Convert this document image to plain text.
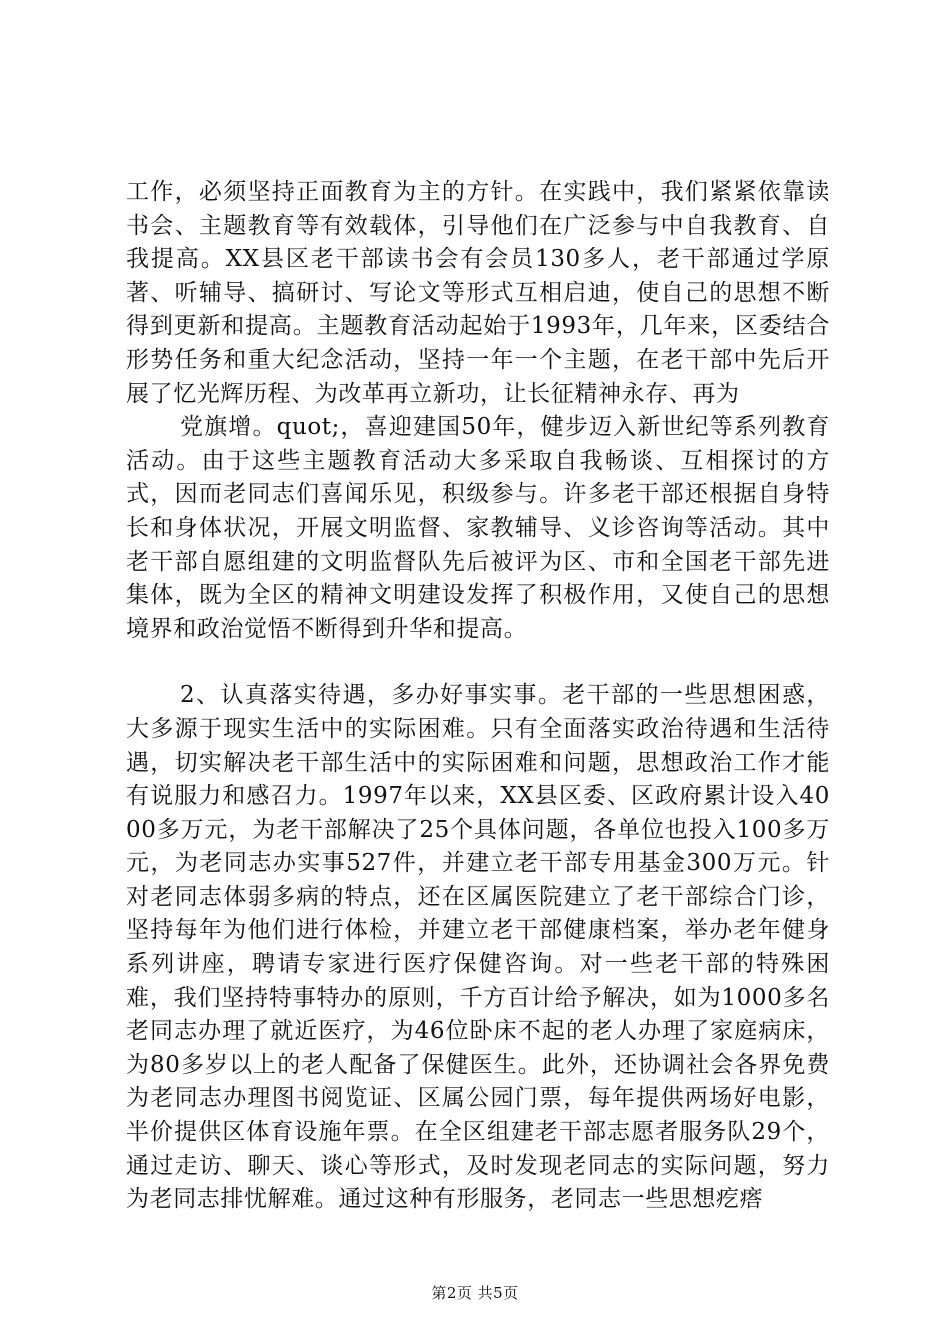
工作，必须坚持正面教育为主的方针。在实践中，我们紧紧依靠读书会、主题教育等有效载体，引导他们在广泛参与中自我教育、自我提高。XX县区老干部读书会有会员130多人，老干部通过学原著、听辅导、搞研讨、写论文等形式互相启迪，使自己的思想不断得到更新和提高。主题教育活动起始于1993年，几年来，区委结合形势任务和重大纪念活动，坚持一年一个主题，在老干部中先后开展了忆光辉历程、为改革再立新功，让长征精神永存、再为

党旗增。quot;，喜迎建国50年，健步迈入新世纪等系列教育活动。由于这些主题教育活动大多采取自我畅谈、互相探讨的方式，因而老同志们喜闻乐见，积级参与。许多老干部还根据自身特长和身体状况，开展文明监督、家教辅导、义诊咨询等活动。其中老干部自愿组建的文明监督队先后被评为区、市和全国老干部先进集体，既为全区的精神文明建设发挥了积极作用，又使自己的思想境界和政治觉悟不断得到升华和提高。

2、认真落实待遇，多办好事实事。老干部的一些思想困惑，大多源于现实生活中的实际困难。只有全面落实政治待遇和生活待遇，切实解决老干部生活中的实际困难和问题，思想政治工作才能有说服力和感召力。1997年以来，XX县区委、区政府累计设入4000多万元，为老干部解决了25个具体问题，各单位也投入100多万元，为老同志办实事527件，并建立老干部专用基金300万元。针对老同志体弱多病的特点，还在区属医院建立了老干部综合门诊，坚持每年为他们进行体检，并建立老干部健康档案，举办老年健身系列讲座，聘请专家进行医疗保健咨询。对一些老干部的特殊困难，我们坚持特事特办的原则，千方百计给予解决，如为1000多名老同志办理了就近医疗，为46位卧床不起的老人办理了家庭病床，为80多岁以上的老人配备了保健医生。此外，还协调社会各界免费为老同志办理图书阅览证、区属公园门票，每年提供两场好电影，半价提供区体育设施年票。在全区组建老干部志愿者服务队29个，通过走访、聊天、谈心等形式，及时发现老同志的实际问题，努力为老同志排忧解难。通过这种有形服务，老同志一些思想疙瘩

第2页 共5页
